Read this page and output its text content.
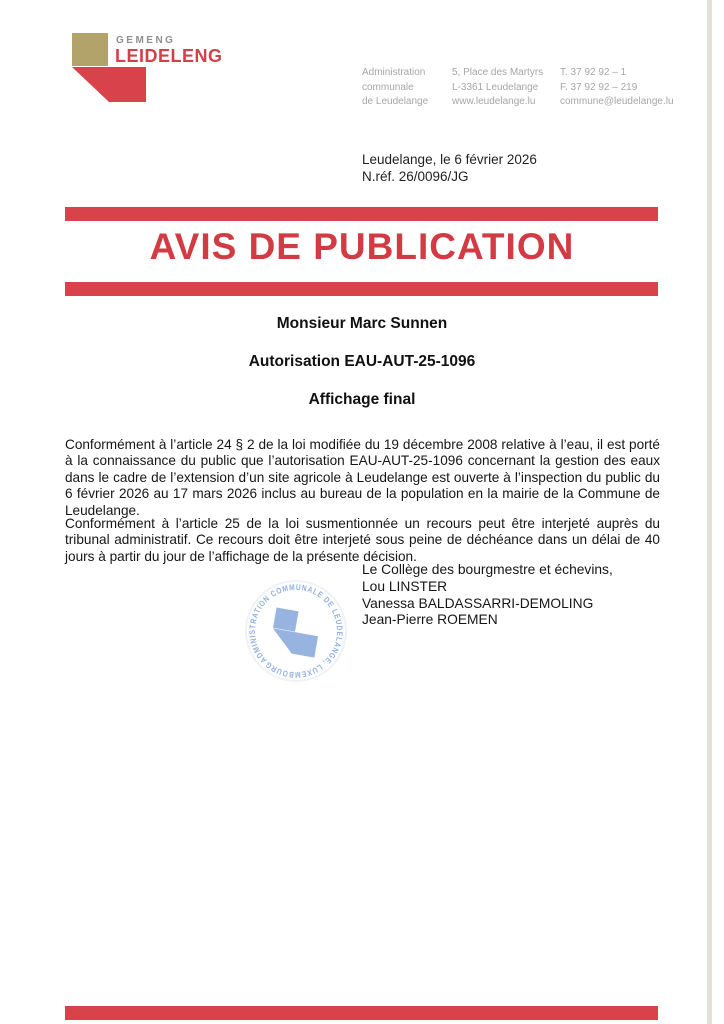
GEMENG
LEIDELENG
Administration
communale
de Leudelange
5, Place des Martyrs
L-3361 Leudelange
www.leudelange.lu
T. 37 92 92 – 1
F. 37 92 92 – 219
commune@leudelange.lu
Leudelange, le 6 février 2026
N.réf. 26/0096/JG
AVIS DE PUBLICATION
Monsieur Marc Sunnen
Autorisation EAU-AUT-25-1096
Affichage final

Conformément à l’article 24 § 2 de la loi modifiée du 19 décembre 2008 relative à l’eau, il est porté à la connaissance du public que l’autorisation EAU-AUT-25-1096 concernant la gestion des eaux dans le cadre de l’extension d’un site agricole à Leudelange est ouverte à l’inspection du public du 6 février 2026 au 17 mars 2026 inclus au bureau de la population en la mairie de la Commune de Leudelange.

Conformément à l’article 25 de la loi susmentionnée un recours peut être interjeté auprès du tribunal administratif. Ce recours doit être interjeté sous peine de déchéance dans un délai de 40 jours à partir du jour de l’affichage de la présente décision.

Le Collège des bourgmestre et échevins,
Lou LINSTER
Vanessa BALDASSARRI-DEMOLING
Jean-Pierre ROEMEN
ADMINISTRATION COMMUNALE DE LEUDELANGE, LUXEMBOURG
